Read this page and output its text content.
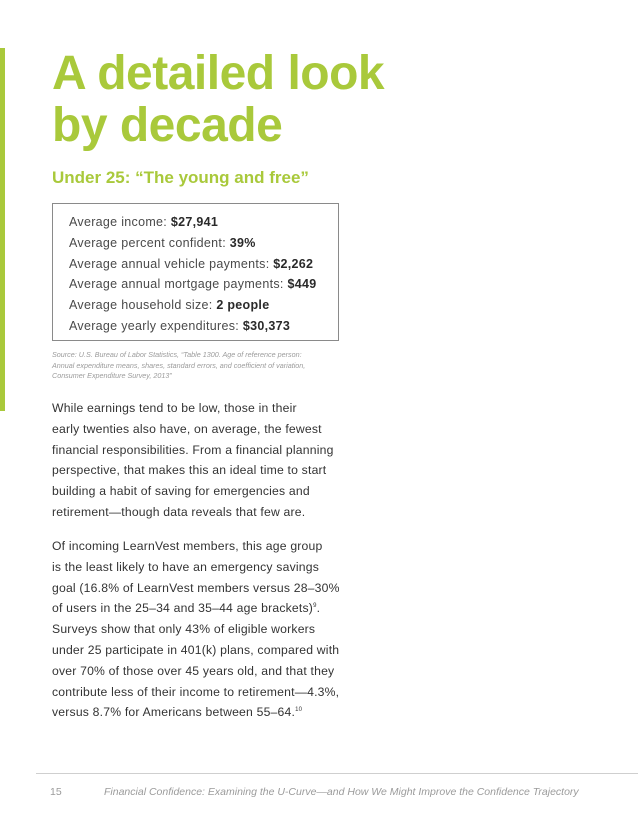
A detailed look
by decade
Under 25: “The young and free”
Average income: $27,941
Average percent confident: 39%
Average annual vehicle payments: $2,262
Average annual mortgage payments: $449
Average household size: 2 people
Average yearly expenditures: $30,373
Source: U.S. Bureau of Labor Statistics, “Table 1300. Age of reference person:
Annual expenditure means, shares, standard errors, and coefficient of variation,
Consumer Expenditure Survey, 2013”
While earnings tend to be low, those in their
early twenties also have, on average, the fewest
financial responsibilities. From a financial planning
perspective, that makes this an ideal time to start
building a habit of saving for emergencies and
retirement—though data reveals that few are.
Of incoming LearnVest members, this age group
is the least likely to have an emergency savings
goal (16.8% of LearnVest members versus 28–30%
of users in the 25–34 and 35–44 age brackets)$^9$.
Surveys show that only 43% of eligible workers
under 25 participate in 401(k) plans, compared with
over 70% of those over 45 years old, and that they
contribute less of their income to retirement—4.3%,
versus 8.7% for Americans between 55–64.10
15	Financial Confidence: Examining the U-Curve—and How We Might Improve the Confidence Trajectory
